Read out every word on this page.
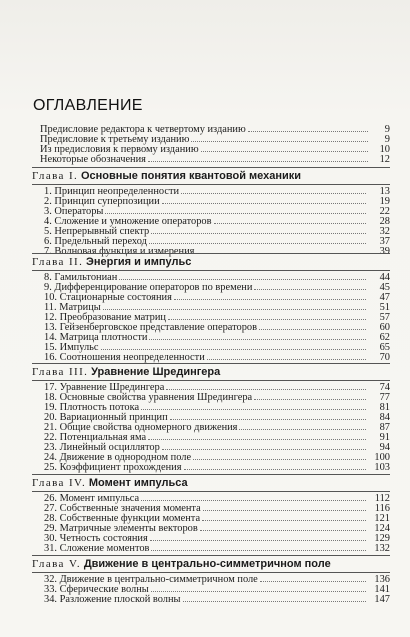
ОГЛАВЛЕНИЕ
Предисловие редактора к четвертому изданию	9
Предисловие к третьему изданию	9
Из предисловия к первому изданию	10
Некоторые обозначения	12
Глава I. Основные понятия квантовой механики
1. Принцип неопределенности	13
2. Принцип суперпозиции	19
3. Операторы	22
4. Сложение и умножение операторов	28
5. Непрерывный спектр	32
6. Предельный переход	37
7. Волновая функция и измерения	39
Глава II. Энергия и импульс
8. Гамильтониан	44
9. Дифференцирование операторов по времени	45
10. Стационарные состояния	47
11. Матрицы	51
12. Преобразование матриц	57
13. Гейзенберговское представление операторов	60
14. Матрица плотности	62
15. Импульс	65
16. Соотношения неопределенности	70
Глава III. Уравнение Шредингера
17. Уравнение Шредингера	74
18. Основные свойства уравнения Шредингера	77
19. Плотность потока	81
20. Вариационный принцип	84
21. Общие свойства одномерного движения	87
22. Потенциальная яма	91
23. Линейный осциллятор	94
24. Движение в однородном поле	100
25. Коэффициент прохождения	103
Глава IV. Момент импульса
26. Момент импульса	112
27. Собственные значения момента	116
28. Собственные функции момента	121
29. Матричные элементы векторов	124
30. Четность состояния	129
31. Сложение моментов	132
Глава V. Движение в центрально-симметричном поле
32. Движение в центрально-симметричном поле	136
33. Сферические волны	141
34. Разложение плоской волны	147
